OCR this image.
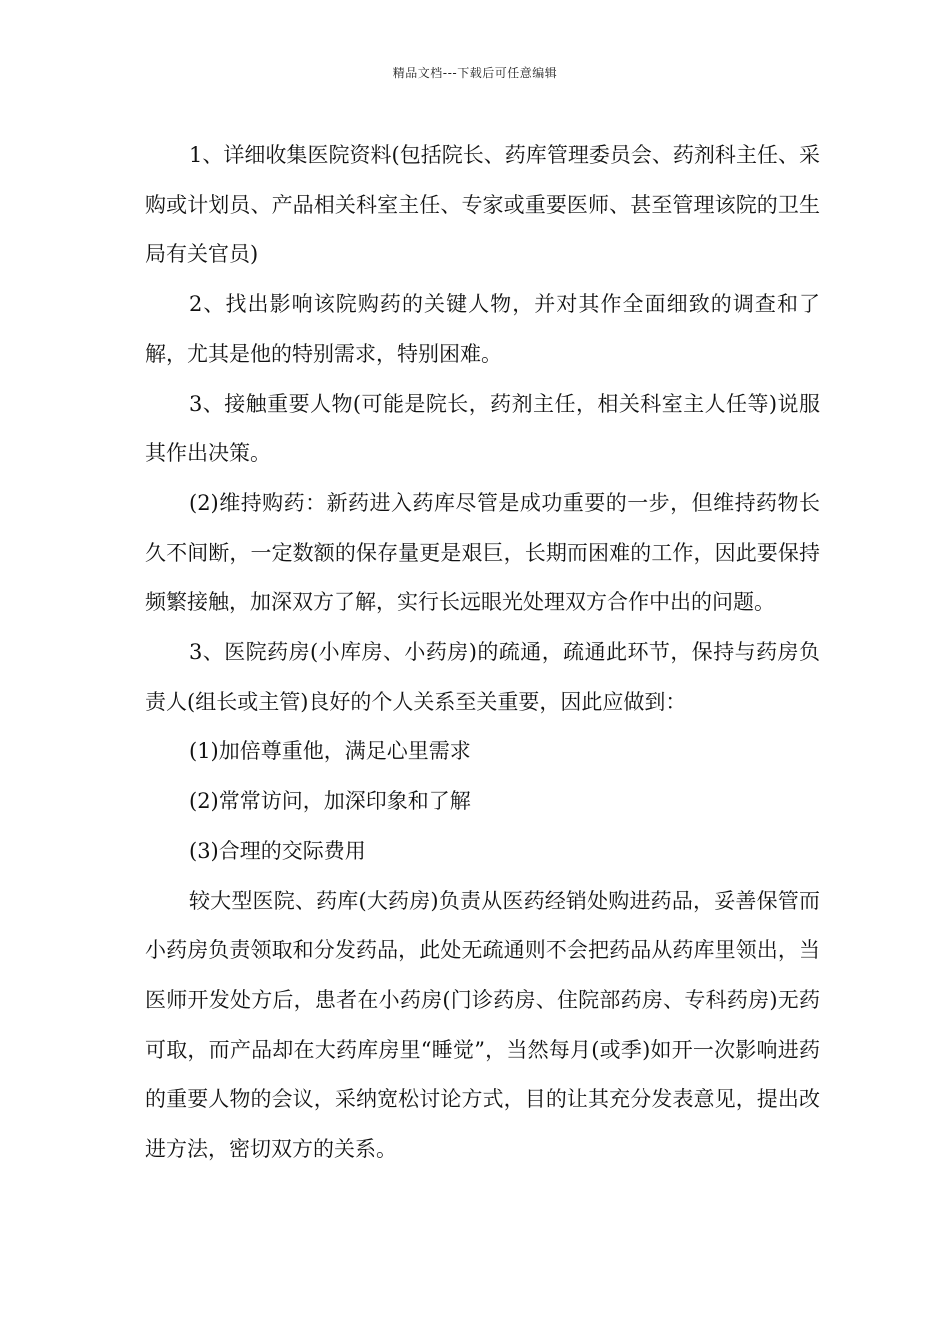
精品文档---下载后可任意编辑

1、详细收集医院资料(包括院长、药库管理委员会、药剂科主任、采购或计划员、产品相关科室主任、专家或重要医师、甚至管理该院的卫生局有关官员)

2、找出影响该院购药的关键人物，并对其作全面细致的调查和了解，尤其是他的特别需求，特别困难。

3、接触重要人物(可能是院长，药剂主任，相关科室主人任等)说服其作出决策。

(2)维持购药：新药进入药库尽管是成功重要的一步，但维持药物长久不间断，一定数额的保存量更是艰巨，长期而困难的工作，因此要保持频繁接触，加深双方了解，实行长远眼光处理双方合作中出的问题。

3、医院药房(小库房、小药房)的疏通，疏通此环节，保持与药房负责人(组长或主管)良好的个人关系至关重要，因此应做到：

(1)加倍尊重他，满足心里需求

(2)常常访问，加深印象和了解

(3)合理的交际费用

较大型医院、药库(大药房)负责从医药经销处购进药品，妥善保管而小药房负责领取和分发药品，此处无疏通则不会把药品从药库里领出，当医师开发处方后，患者在小药房(门诊药房、住院部药房、专科药房)无药可取，而产品却在大药库房里“睡觉”，当然每月(或季)如开一次影响进药的重要人物的会议，采纳宽松讨论方式，目的让其充分发表意见，提出改进方法，密切双方的关系。
